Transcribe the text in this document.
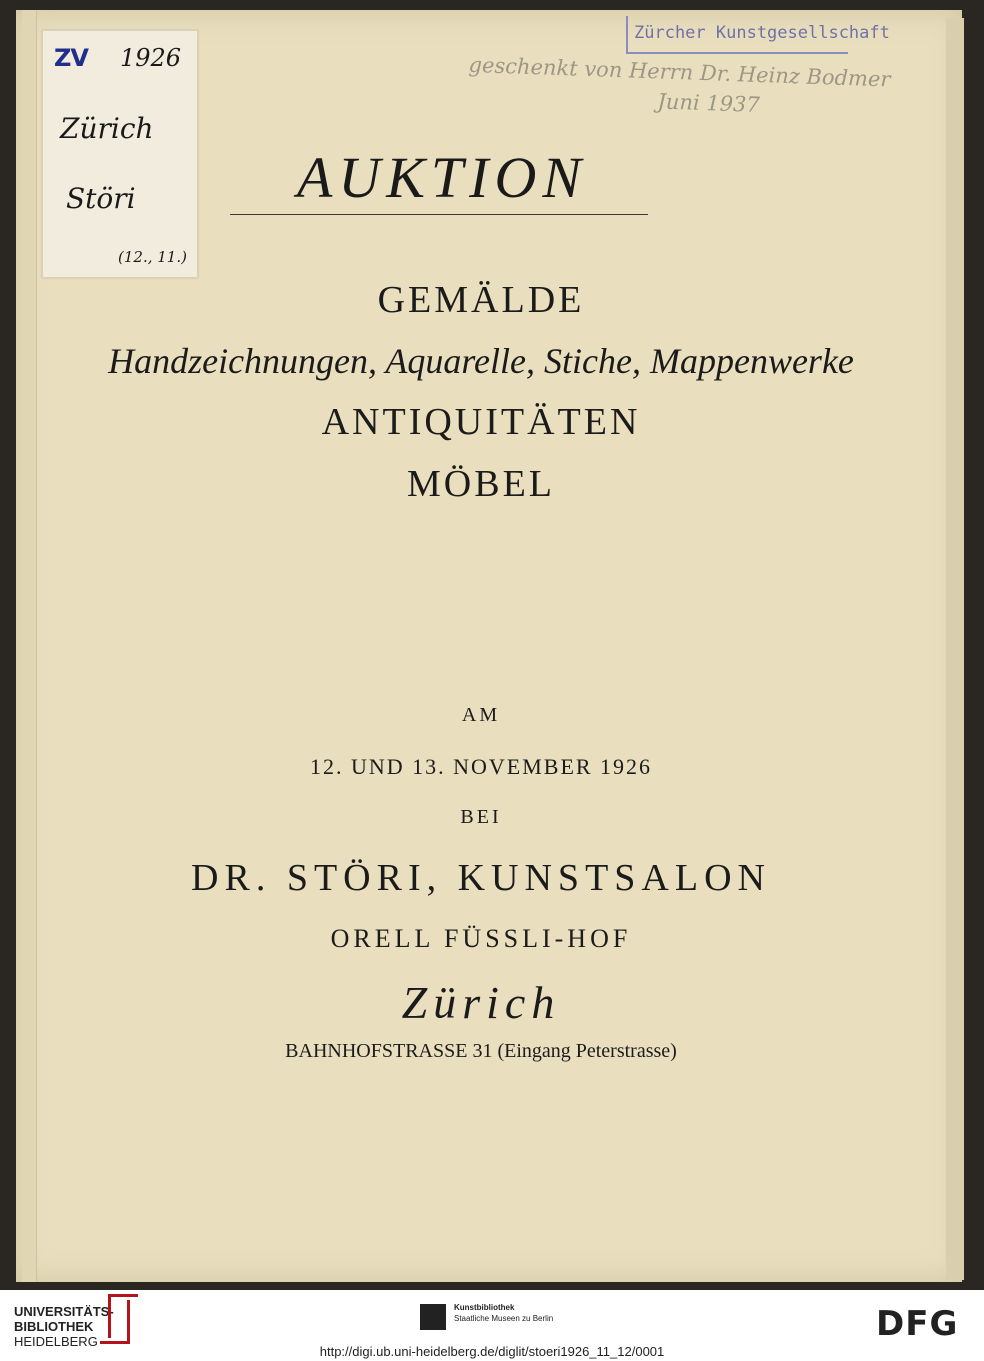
ZV 1926
Zürich
Störi
(12., 11.)
Zürcher Kunstgesellschaft
geschenkt von Herrn Dr. Heinz Bodmer
Juni 1937
AUKTION
GEMÄLDE
Handzeichnungen, Aquarelle, Stiche, Mappenwerke
ANTIQUITÄTEN
MÖBEL
AM
12. UND 13. NOVEMBER 1926
BEI
DR. STÖRI, KUNSTSALON
ORELL FÜSSLI-HOF
Zürich
BAHNHOFSTRASSE 31 (Eingang Peterstrasse)
UNIVERSITÄTS-
BIBLIOTHEK
HEIDELBERG
Kunstbibliothek
Staatliche Museen zu Berlin	DFG
http://digi.ub.uni-heidelberg.de/diglit/stoeri1926_11_12/0001
